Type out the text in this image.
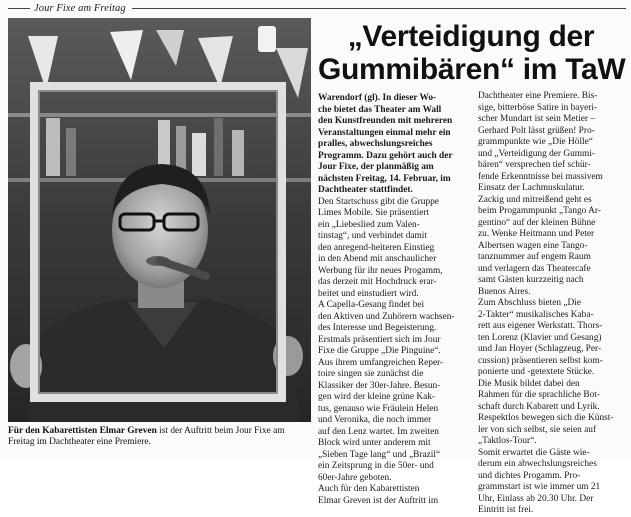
Jour Fixe am Freitag
Für den Kabarettisten Elmar Greven ist der Auftritt beim Jour Fixe am Freitag im Dachtheater eine Premiere.
„Verteidigung der
Gummibären“ im TaW
Warendorf (gl). In dieser Wo-
che bietet das Theater am Wall
den Kunstfreunden mit mehreren
Veranstaltungen einmal mehr ein
pralles, abwechslungsreiches
Programm. Dazu gehört auch der
Jour Fixe, der planmäßig am
nächsten Freitag, 14. Februar, im
Dachtheater stattfindet.
Den Startschuss gibt die Gruppe
Limes Mobile. Sie präsentiert
ein „Liebeslied zum Valen-
tinstag“, und verbindet damit
den anregend-heiteren Einstieg
in den Abend mit anschaulicher
Werbung für ihr neues Progamm,
das derzeit mit Hochdruck erar-
beitet und einstudiert wird.
A Capella-Gesang findet bei
den Aktiven und Zuhörern wachsen-
des Interesse und Begeisterung.
Erstmals präsentiert sich im Jour
Fixe die Gruppe „Die Pinguine“.
Aus ihrem umfangreichen Reper-
toire singen sie zunächst die
Klassiker der 30er-Jahre. Besun-
gen wird der kleine grüne Kak-
tus, genauso wie Fräulein Helen
und Veronika, die noch immer
auf den Lenz wartet. Im zweiten
Block wird unter anderem mit
„Sieben Tage lang“ und „Brazil“
ein Zeitsprung in die 50er- und
60er-Jahre geboten.
Auch für den Kabarettisten
Elmar Greven ist der Auftritt im
Dachtheater eine Premiere. Bis-
sige, bitterböse Satire in bayeri-
scher Mundart ist sein Metier –
Gerhard Polt lässt grüßen! Pro-
grammpunkte wie „Die Hölle“
und „Verteidigung der Gummi-
bären“ versprechen tief schür-
fende Erkenntnisse bei massivem
Einsatz der Lachmuskulatur.
Zackig und mitreißend geht es
beim Progammpunkt „Tango Ar-
gentino“ auf der kleinen Bühne
zu. Wenke Heitmann und Peter
Albertsen wagen eine Tango-
tanznummer auf engem Raum
und verlagern das Theatercafe
samt Gästen kurzzeitig nach
Buenos Aires.
Zum Abschluss bieten „Die
2-Takter“ musikalisches Kaba-
rett aus eigener Werkstatt. Thors-
ten Lorenz (Klavier und Gesang)
und Jan Hoyer (Schlagzeug, Per-
cussion) präsentieren selbst kom-
ponierte und -getextete Stücke.
Die Musik bildet dabei den
Rahmen für die sprachliche Bot-
schaft durch Kabarett und Lyrik.
Respektlos bewegen sich die Künst-
ler von sich selbst, sie seien auf
„Taktlos-Tour“.
Somit erwartet die Gäste wie-
derum ein abwechslungsreiches
und dichtes Progamm. Pro-
grammstart ist wie immer um 21
Uhr, Einlass ab 20.30 Uhr. Der
Eintritt ist frei.
